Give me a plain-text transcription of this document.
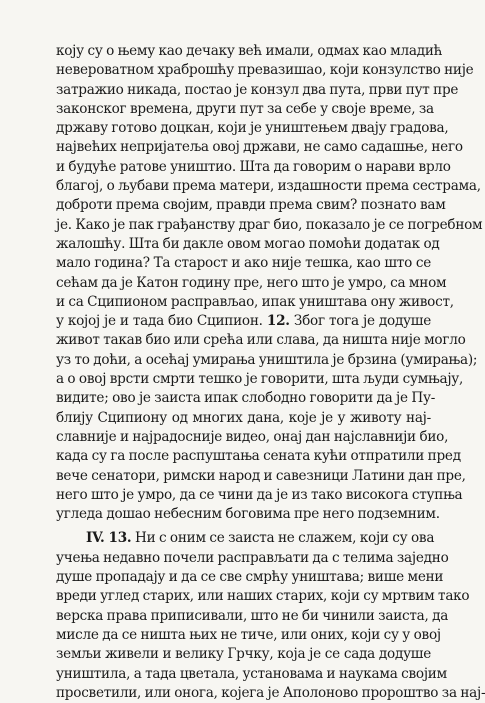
коју су о њему као дечаку већ имали, одмах као младић
невероватном храброшћу превазишао, који конзулство није
затражио никада, постао је конзул два пута, први пут пре
законског времена, други пут за себе у своје време, за
државу готово доцкан, који је уништењем двају градова,
највећих непријатеља овој држави, не само садашње, него
и будуће ратове уништио. Шта да говорим о нарави врло
благој, о љубави према матери, издашности према сестрама,
доброти према својим, правди према свим? познато вам
је. Како је пак грађанству драг био, показало је се погребном
жалошћу. Шта би дакле овом могао помоћи додатак од
мало година? Та старост и ако није тешка, као што се
сећам да је Катон годину пре, него што је умро, са мном
и са Сципионом расправљао, ипак уништава ону живост,
у којој је и тада био Сципион. 12. Због тога је додуше
живот такав био или срећа или слава, да ништа није могло
уз то доћи, а осећај умирања уништила је брзина (умирања);
а о овој врсти смрти тешко је говорити, шта људи сумњају,
видите; ово је заиста ипак слободно говорити да је Пу-
блију Сципиону од многих дана, које је у животу нај-
славније и најрадосније видео, онај дан најславнији био,
када су га после распуштања сената кући отпратили пред
вече сенатори, римски народ и савезници Латини дан пре,
него што је умро, да се чини да је из тако високога ступња
угледа дошао небесним боговима пре него подземним.
IV. 13. Ни с оним се заиста не слажем, који су ова
учења недавно почели расправљати да с телима заједно
душе пропадају и да се све смрћу уништава; више мени
вреди углед старих, или наших старих, који су мртвим тако
верска права приписивали, што не би чинили заиста, да
мисле да се ништа њих не тиче, или оних, који су у овој
земљи живели и велику Грчку, која је се сада додуше
уништила, а тада цветала, установама и наукама својим
просветили, или онога, којега је Аполоново пророштво за нај-
